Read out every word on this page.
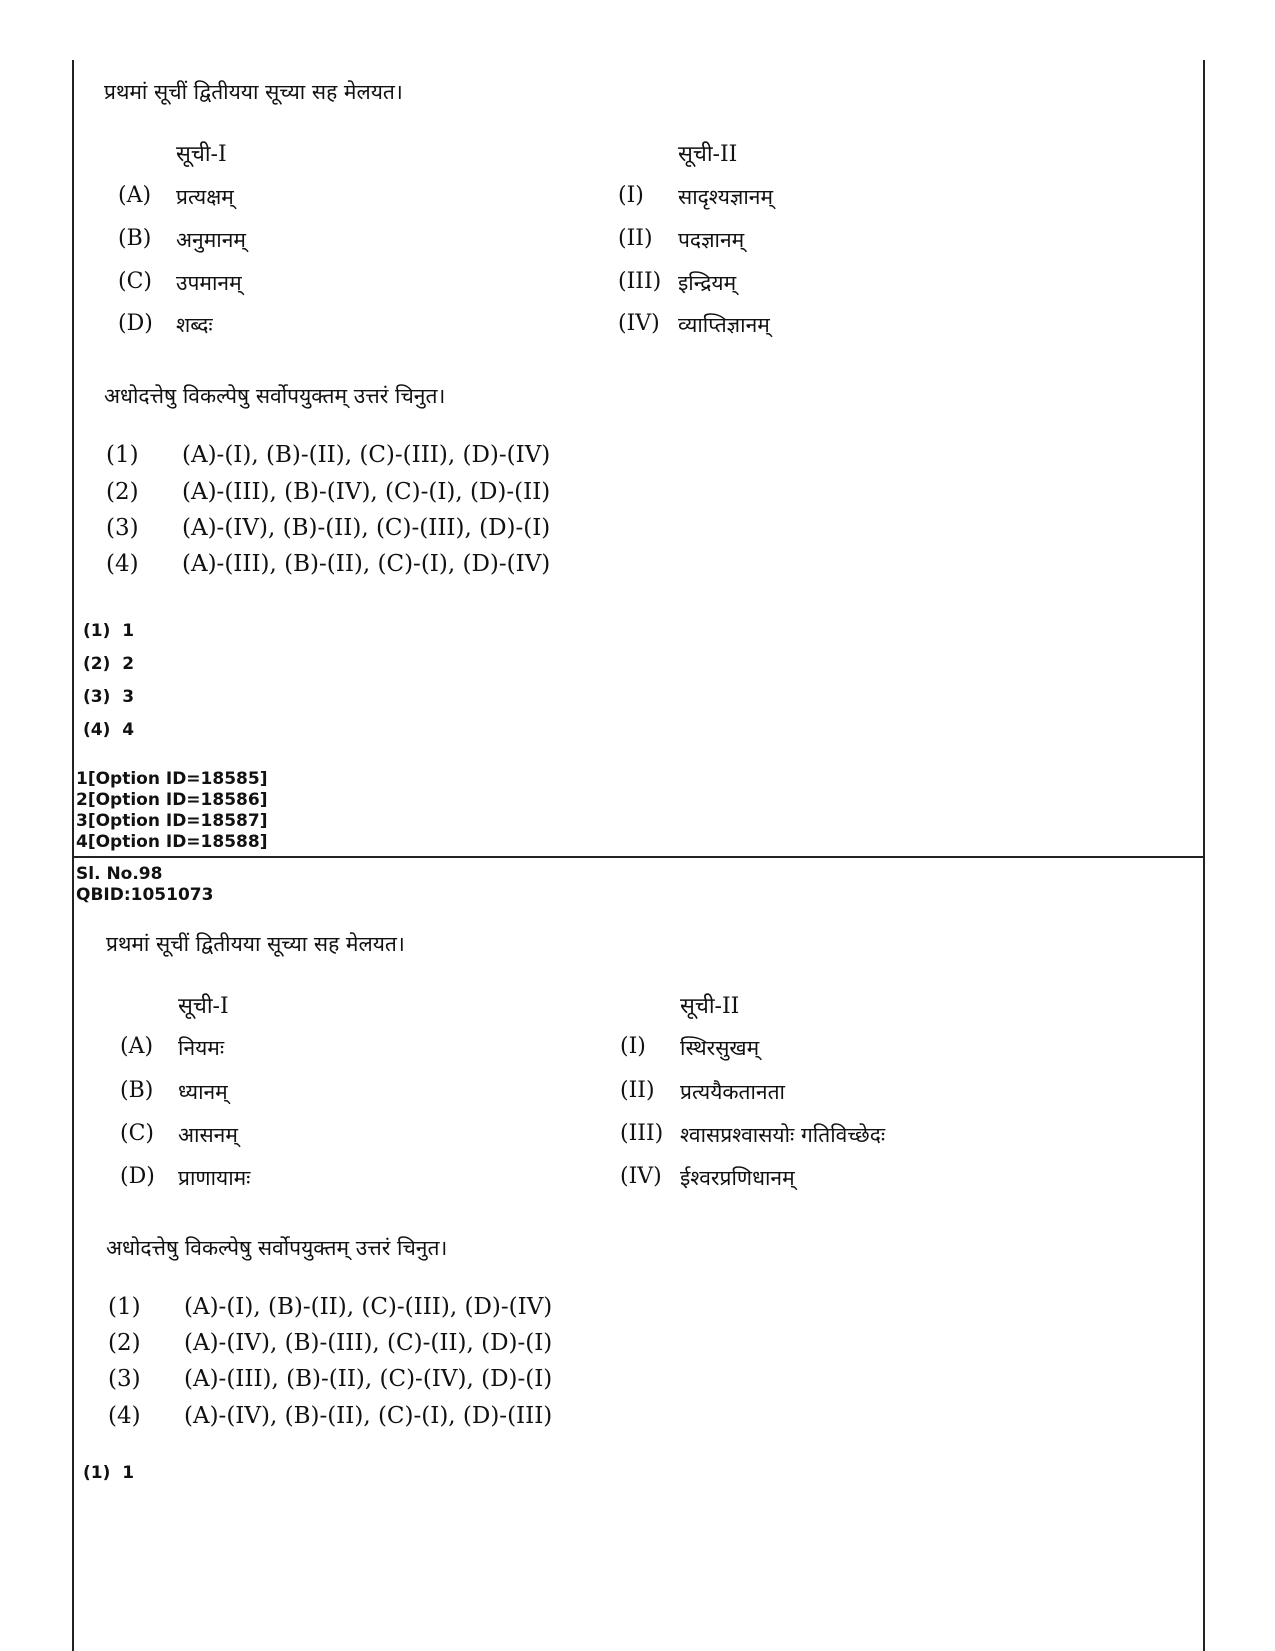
प्रथमां सूचीं द्वितीयया सूच्या सह मेलयत।
सूची-I	सूची-II
(A) प्रत्यक्षम्
(B) अनुमानम्
(C) उपमानम्
(D) शब्दः
(I) सादृश्यज्ञानम्
(II) पदज्ञानम्
(III) इन्द्रियम्
(IV) व्याप्तिज्ञानम्
अधोदत्तेषु विकल्पेषु सर्वोपयुक्तम् उत्तरं चिनुत।
(1) (A)-(I), (B)-(II), (C)-(III), (D)-(IV)
(2) (A)-(III), (B)-(IV), (C)-(I), (D)-(II)
(3) (A)-(IV), (B)-(II), (C)-(III), (D)-(I)
(4) (A)-(III), (B)-(II), (C)-(I), (D)-(IV)
(1)  1
(2)  2
(3)  3
(4)  4
1[Option ID=18585]
2[Option ID=18586]
3[Option ID=18587]
4[Option ID=18588]
Sl. No.98
QBID:1051073
प्रथमां सूचीं द्वितीयया सूच्या सह मेलयत।
सूची-I	सूची-II
(A) नियमः
(B) ध्यानम्
(C) आसनम्
(D) प्राणायामः
(I) स्थिरसुखम्
(II) प्रत्ययैकतानता
(III) श्वासप्रश्वासयोः गतिविच्छेदः
(IV) ईश्वरप्रणिधानम्
अधोदत्तेषु विकल्पेषु सर्वोपयुक्तम् उत्तरं चिनुत।
(1) (A)-(I), (B)-(II), (C)-(III), (D)-(IV)
(2) (A)-(IV), (B)-(III), (C)-(II), (D)-(I)
(3) (A)-(III), (B)-(II), (C)-(IV), (D)-(I)
(4) (A)-(IV), (B)-(II), (C)-(I), (D)-(III)
(1)  1
